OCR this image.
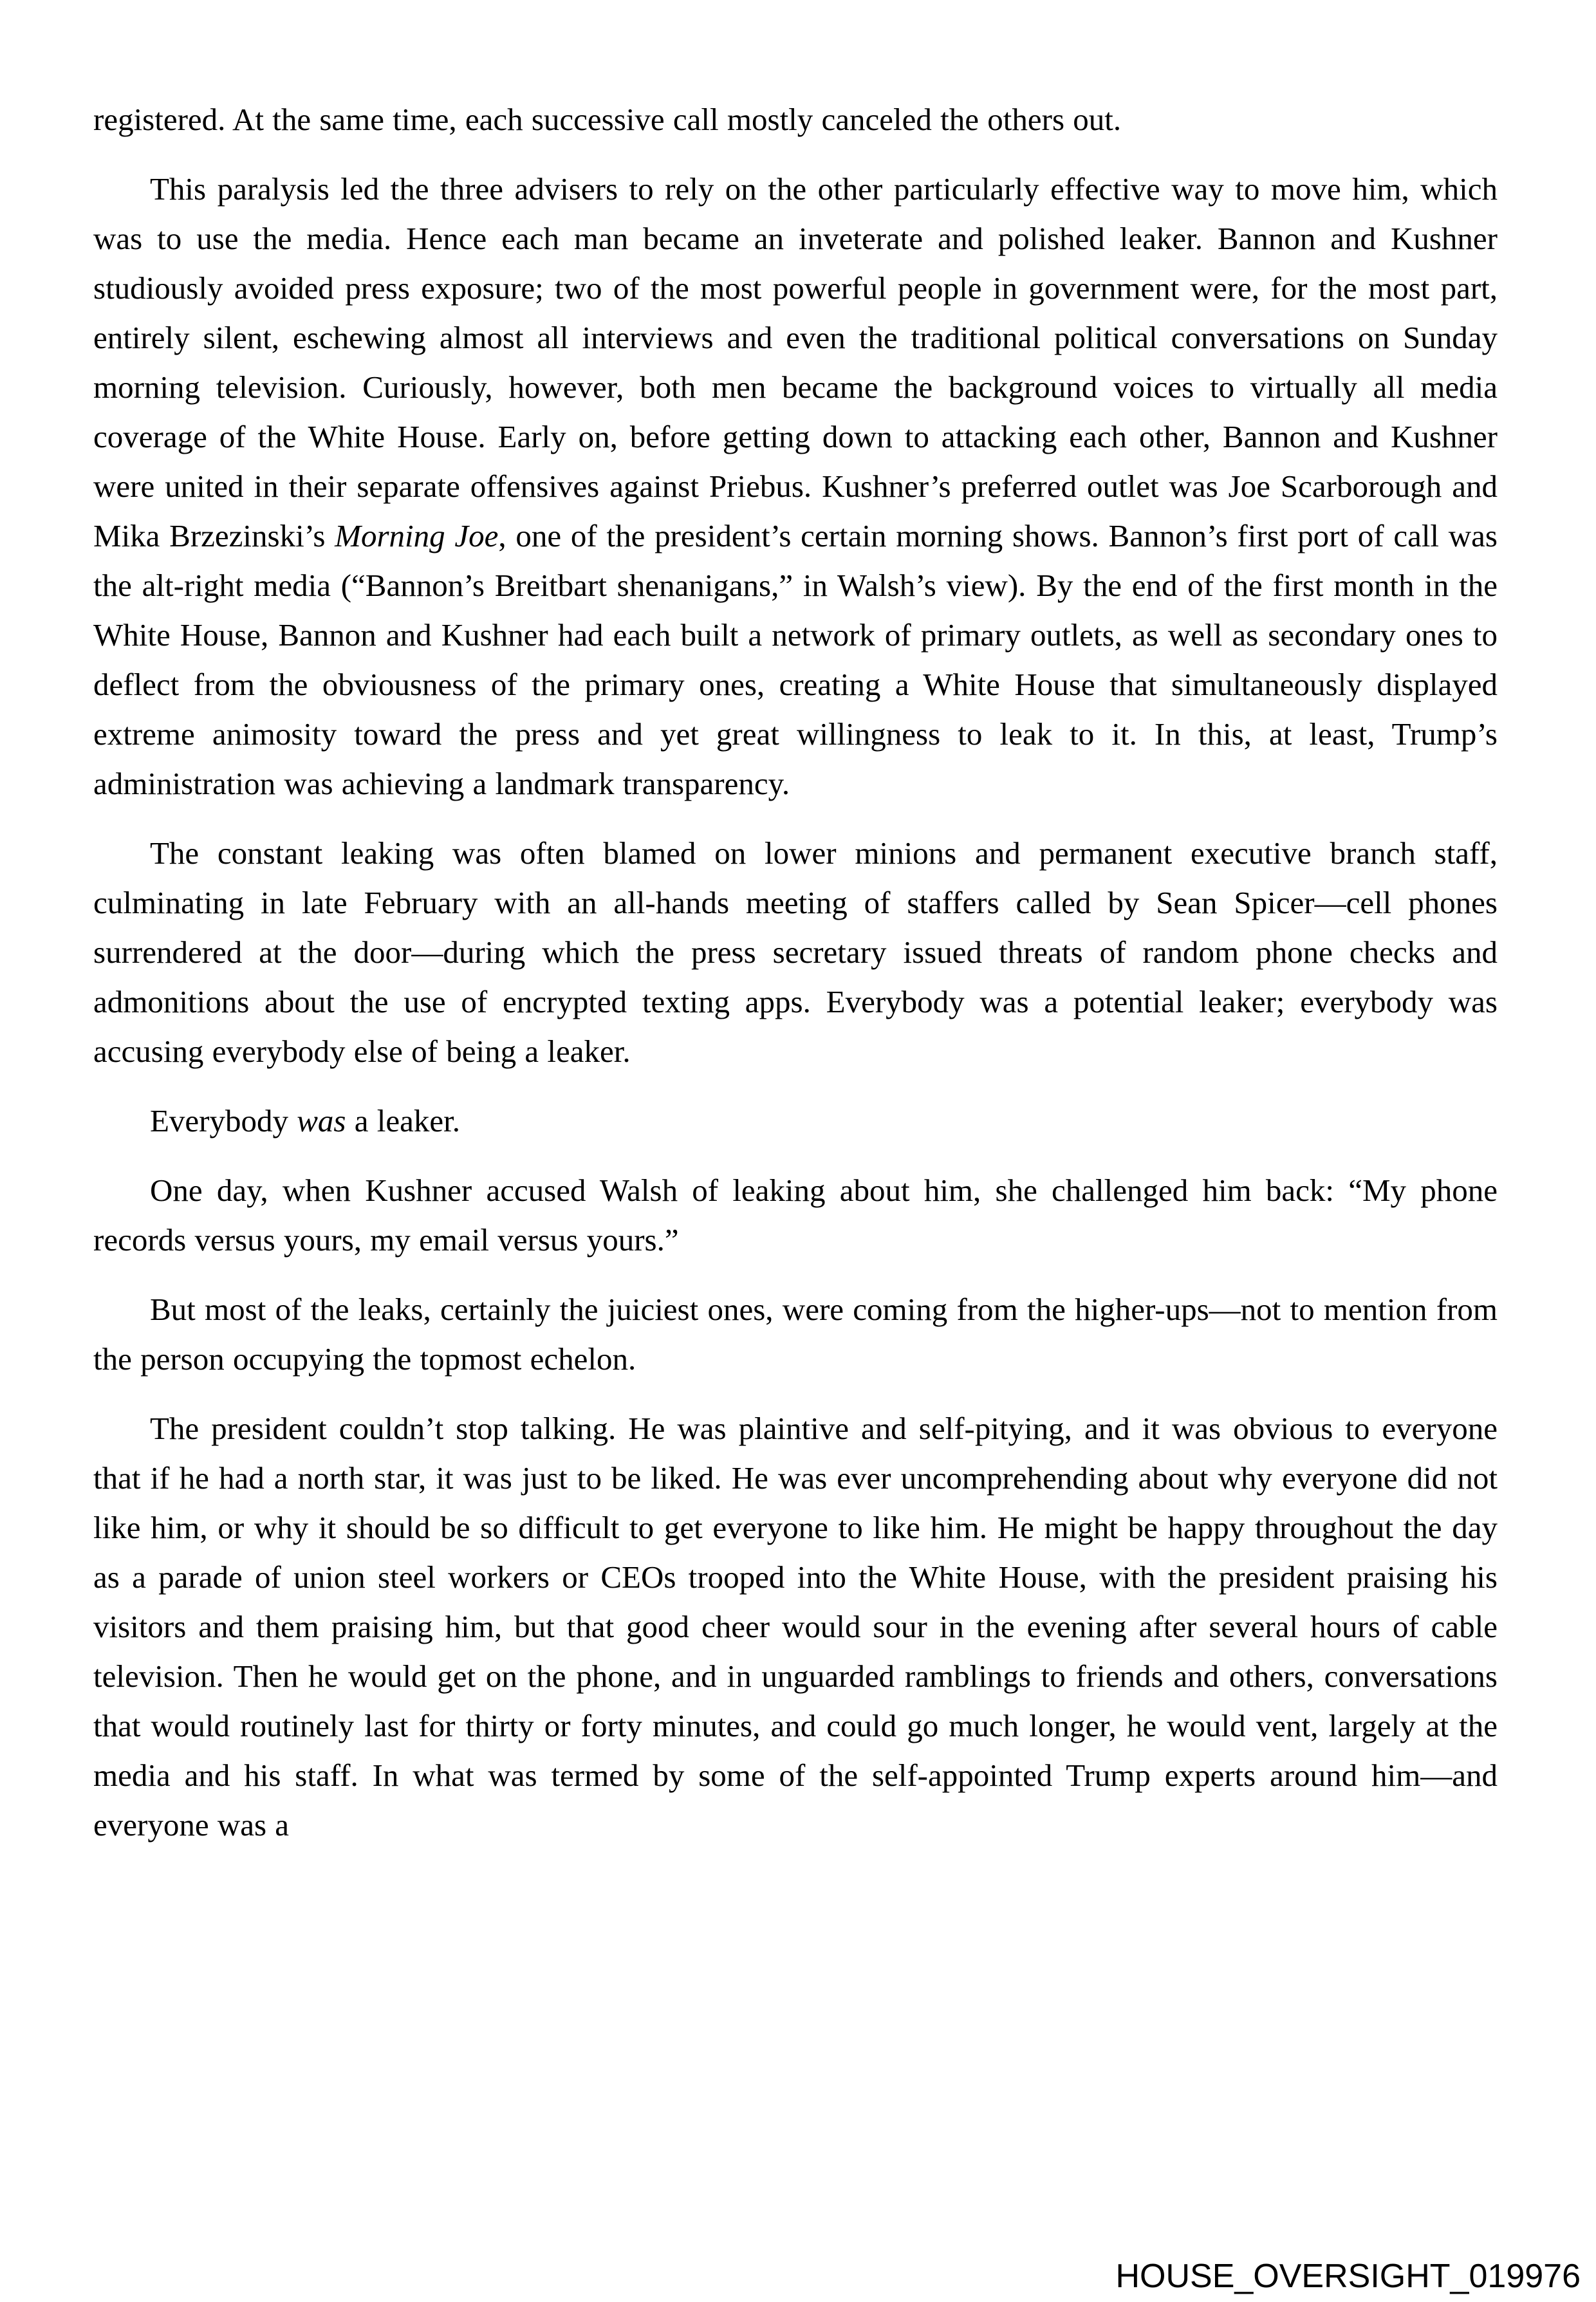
registered. At the same time, each successive call mostly canceled the others out.

This paralysis led the three advisers to rely on the other particularly effective way to move him, which was to use the media. Hence each man became an inveterate and polished leaker. Bannon and Kushner studiously avoided press exposure; two of the most powerful people in government were, for the most part, entirely silent, eschewing almost all interviews and even the traditional political conversations on Sunday morning television. Curiously, however, both men became the background voices to virtually all media coverage of the White House. Early on, before getting down to attacking each other, Bannon and Kushner were united in their separate offensives against Priebus. Kushner’s preferred outlet was Joe Scarborough and Mika Brzezinski’s Morning Joe, one of the president’s certain morning shows. Bannon’s first port of call was the alt-right media (“Bannon’s Breitbart shenanigans,” in Walsh’s view). By the end of the first month in the White House, Bannon and Kushner had each built a network of primary outlets, as well as secondary ones to deflect from the obviousness of the primary ones, creating a White House that simultaneously displayed extreme animosity toward the press and yet great willingness to leak to it. In this, at least, Trump’s administration was achieving a landmark transparency.

The constant leaking was often blamed on lower minions and permanent executive branch staff, culminating in late February with an all-hands meeting of staffers called by Sean Spicer—cell phones surrendered at the door—during which the press secretary issued threats of random phone checks and admonitions about the use of encrypted texting apps. Everybody was a potential leaker; everybody was accusing everybody else of being a leaker.

Everybody was a leaker.

One day, when Kushner accused Walsh of leaking about him, she challenged him back: “My phone records versus yours, my email versus yours.”

But most of the leaks, certainly the juiciest ones, were coming from the higher-ups—not to mention from the person occupying the topmost echelon.

The president couldn’t stop talking. He was plaintive and self-pitying, and it was obvious to everyone that if he had a north star, it was just to be liked. He was ever uncomprehending about why everyone did not like him, or why it should be so difficult to get everyone to like him. He might be happy throughout the day as a parade of union steel workers or CEOs trooped into the White House, with the president praising his visitors and them praising him, but that good cheer would sour in the evening after several hours of cable television. Then he would get on the phone, and in unguarded ramblings to friends and others, conversations that would routinely last for thirty or forty minutes, and could go much longer, he would vent, largely at the media and his staff. In what was termed by some of the self-appointed Trump experts around him—and everyone was a

HOUSE_OVERSIGHT_019976
